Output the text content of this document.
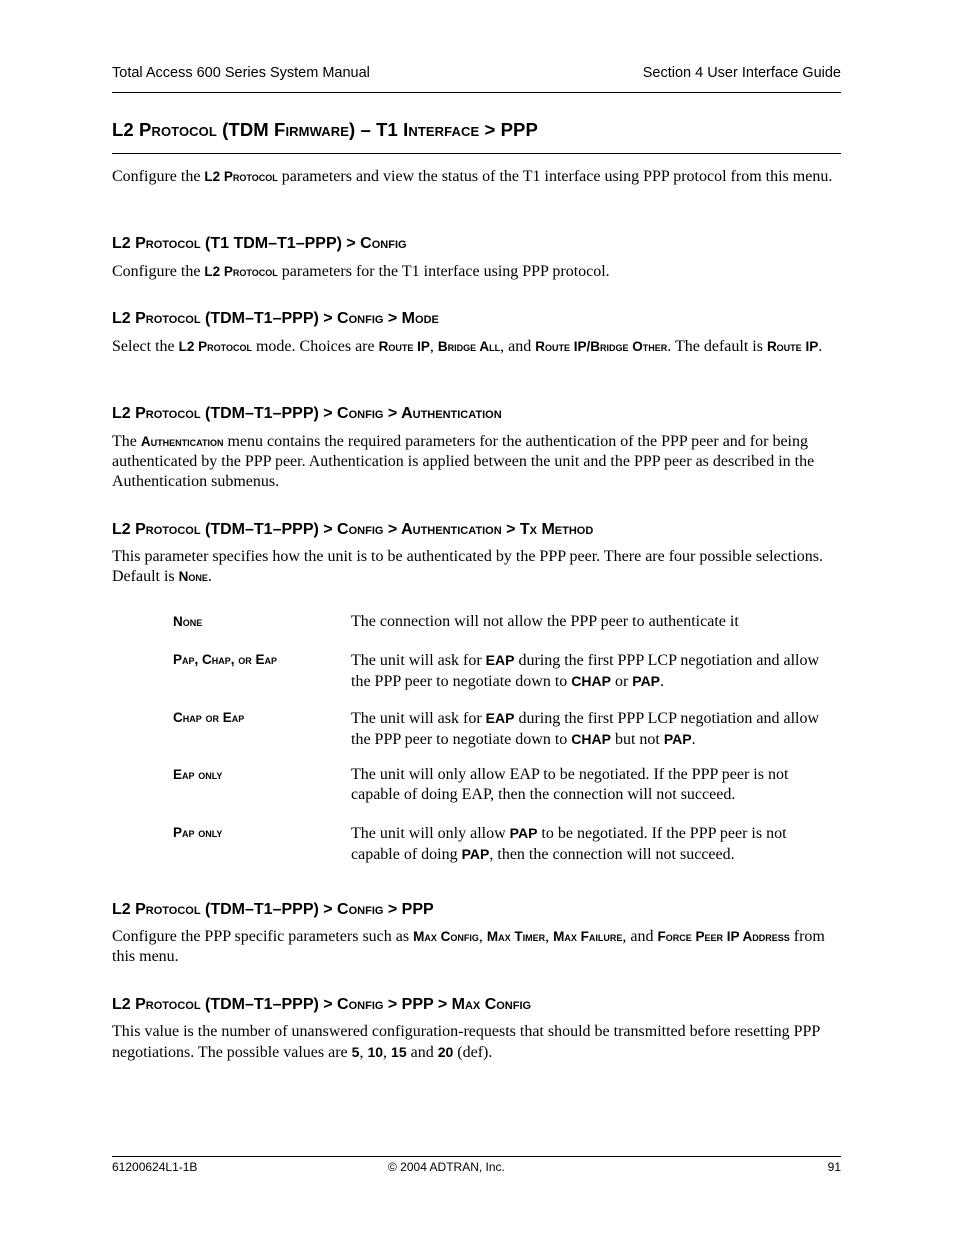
Total Access 600 Series System Manual	Section 4 User Interface Guide
L2 Protocol (TDM Firmware) – T1 Interface > PPP

Configure the L2 Protocol parameters and view the status of the T1 interface using PPP protocol from this menu.

L2 Protocol (T1 TDM–T1–PPP) > Config

Configure the L2 Protocol parameters for the T1 interface using PPP protocol.

L2 Protocol (TDM–T1–PPP) > Config > Mode

Select the L2 Protocol mode. Choices are Route IP, Bridge All, and Route IP/Bridge Other. The default is Route IP.

L2 Protocol (TDM–T1–PPP) > Config > Authentication

The Authentication menu contains the required parameters for the authentication of the PPP peer and for being authenticated by the PPP peer. Authentication is applied between the unit and the PPP peer as described in the Authentication submenus.

L2 Protocol (TDM–T1–PPP) > Config > Authentication > Tx Method

This parameter specifies how the unit is to be authenticated by the PPP peer. There are four possible selections. Default is None.

None	The connection will not allow the PPP peer to authenticate it

Pap, Chap, or Eap	The unit will ask for EAP during the first PPP LCP negotiation and allow the PPP peer to negotiate down to CHAP or PAP.

Chap or Eap	The unit will ask for EAP during the first PPP LCP negotiation and allow the PPP peer to negotiate down to CHAP but not PAP.

Eap only	The unit will only allow EAP to be negotiated. If the PPP peer is not capable of doing EAP, then the connection will not succeed.

Pap only	The unit will only allow PAP to be negotiated. If the PPP peer is not capable of doing PAP, then the connection will not succeed.

L2 Protocol (TDM–T1–PPP) > Config > PPP

Configure the PPP specific parameters such as Max Config, Max Timer, Max Failure, and Force Peer IP Address from this menu.

L2 Protocol (TDM–T1–PPP) > Config > PPP > Max Config

This value is the number of unanswered configuration-requests that should be transmitted before resetting PPP negotiations. The possible values are 5, 10, 15 and 20 (def).

61200624L1-1B	© 2004 ADTRAN, Inc.	91
